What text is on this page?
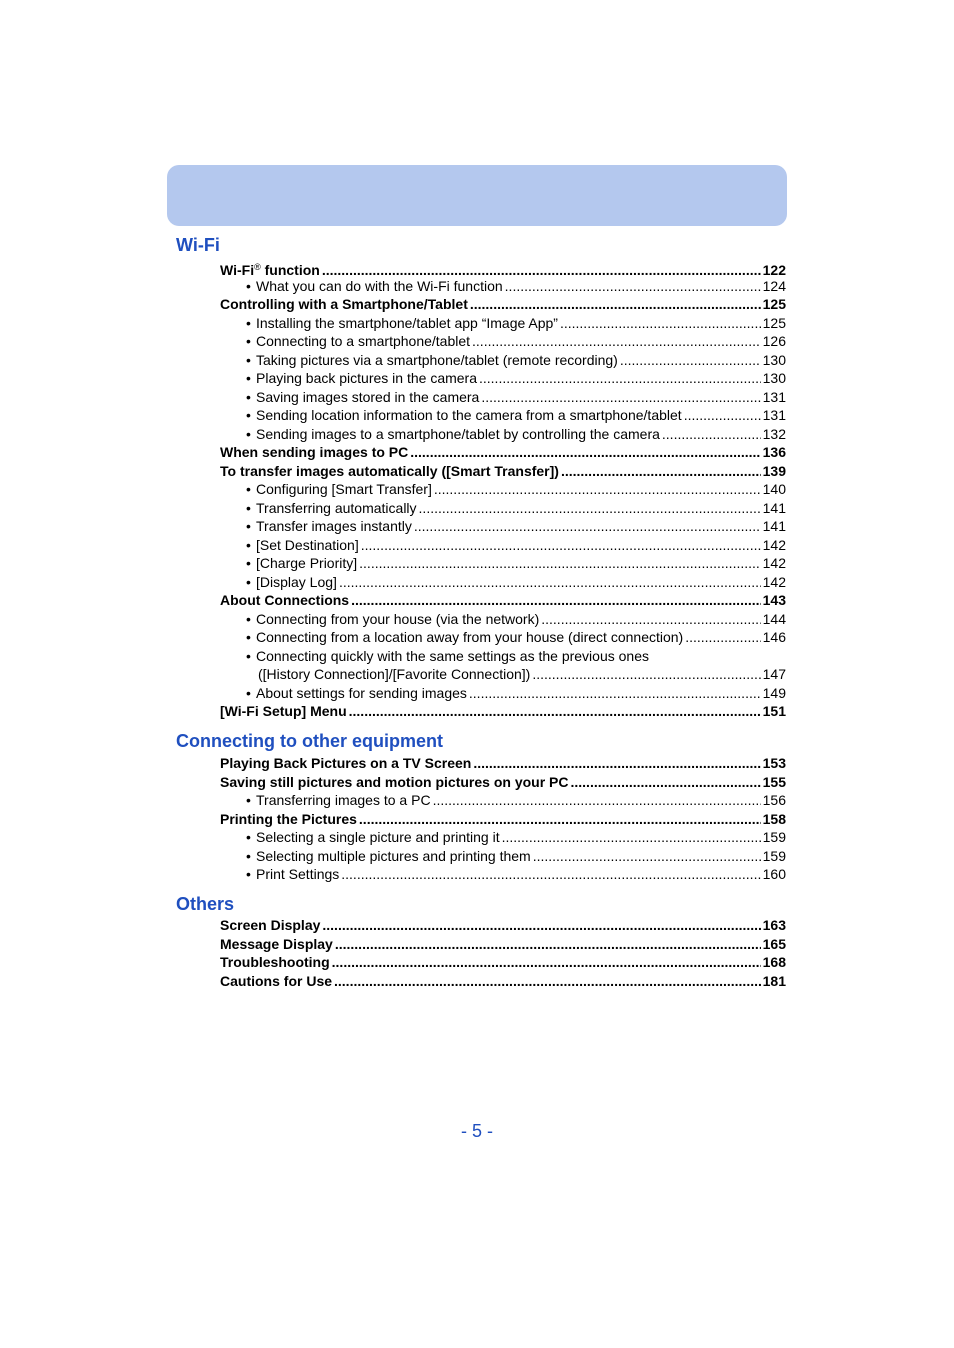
Wi-Fi
Wi-Fi® function .....	122
• What you can do with the Wi-Fi function .....	124
Controlling with a Smartphone/Tablet .....	125
• Installing the smartphone/tablet app “Image App” .....	125
• Connecting to a smartphone/tablet .....	126
• Taking pictures via a smartphone/tablet (remote recording) .....	130
• Playing back pictures in the camera .....	130
• Saving images stored in the camera .....	131
• Sending location information to the camera from a smartphone/tablet .....	131
• Sending images to a smartphone/tablet by controlling the camera .....	132
When sending images to PC .....	136
To transfer images automatically ([Smart Transfer]) .....	139
• Configuring [Smart Transfer] .....	140
• Transferring automatically .....	141
• Transfer images instantly .....	141
• [Set Destination] .....	142
• [Charge Priority] .....	142
• [Display Log] .....	142
About Connections .....	143
• Connecting from your house (via the network) .....	144
• Connecting from a location away from your house (direct connection) .....	146
• Connecting quickly with the same settings as the previous ones
([History Connection]/[Favorite Connection]) .....	147
• About settings for sending images .....	149
[Wi-Fi Setup] Menu .....	151
Connecting to other equipment
Playing Back Pictures on a TV Screen .....	153
Saving still pictures and motion pictures on your PC .....	155
• Transferring images to a PC .....	156
Printing the Pictures .....	158
• Selecting a single picture and printing it .....	159
• Selecting multiple pictures and printing them .....	159
• Print Settings .....	160
Others
Screen Display .....	163
Message Display .....	165
Troubleshooting .....	168
Cautions for Use .....	181
- 5 -
